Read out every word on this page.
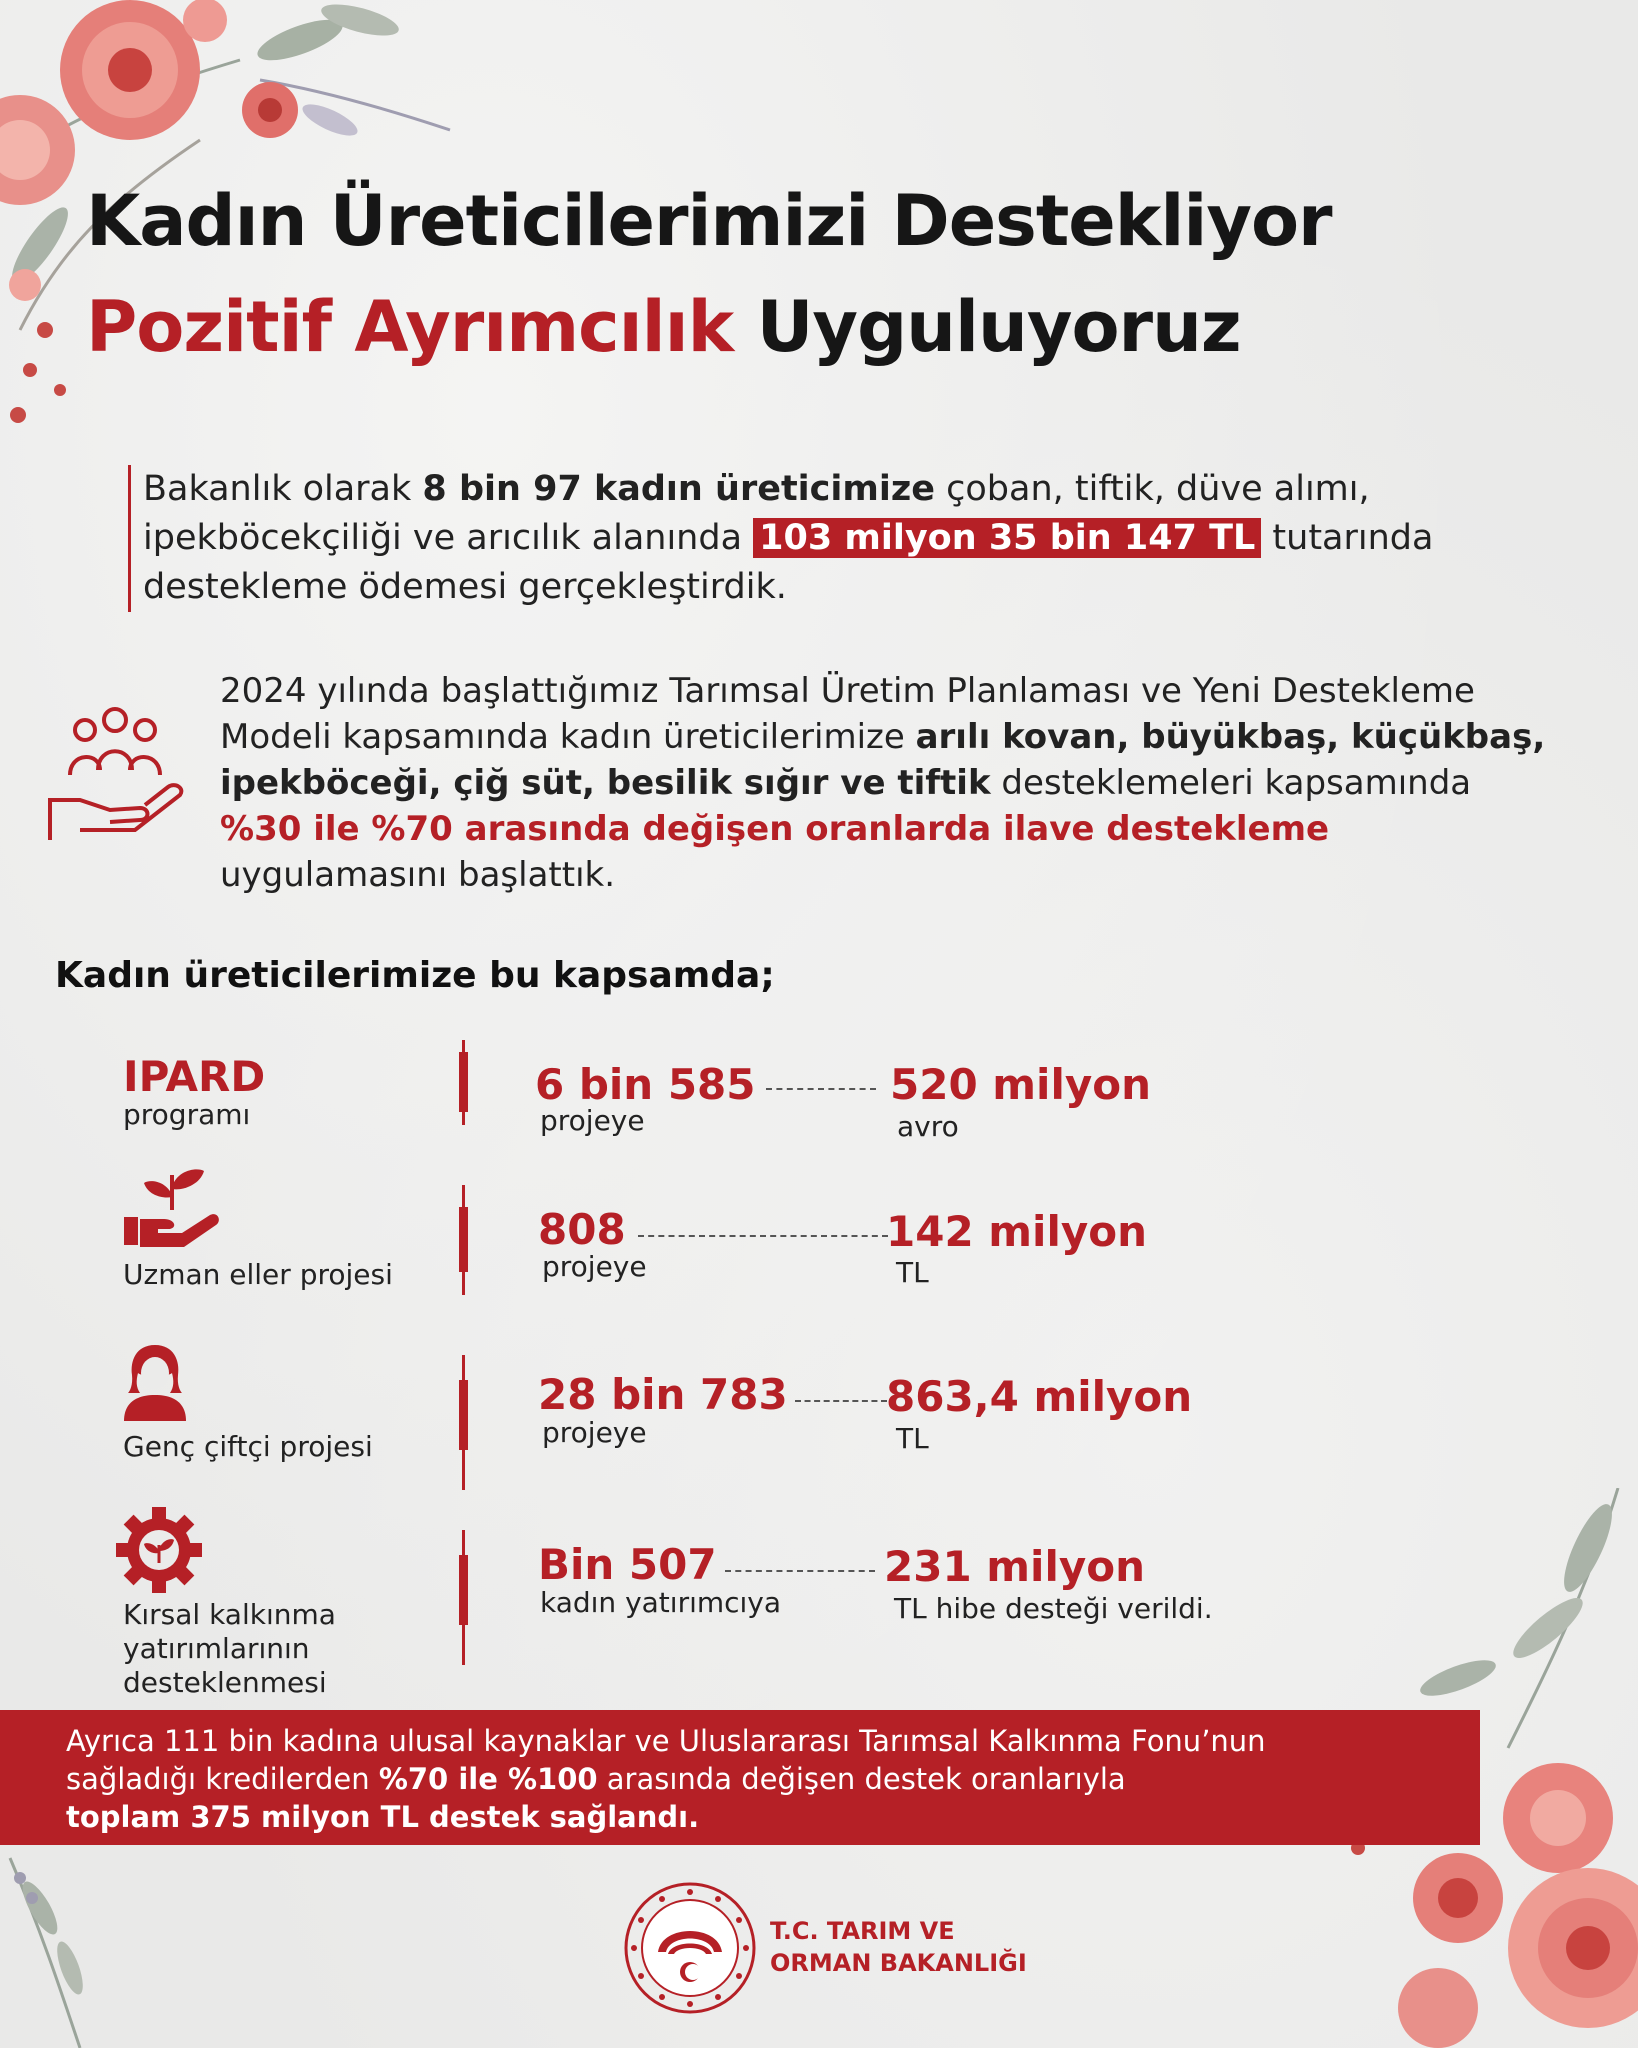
Kadın Üreticilerimizi Destekliyor
Pozitif Ayrımcılık Uyguluyoruz
Bakanlık olarak 8 bin 97 kadın üreticimize çoban, tiftik, düve alımı, ipekböcekçiliği ve arıcılık alanında 103 milyon 35 bin 147 TL tutarında destekleme ödemesi gerçekleştirdik.
2024 yılında başlattığımız Tarımsal Üretim Planlaması ve Yeni Destekleme Modeli kapsamında kadın üreticilerimize arılı kovan, büyükbaş, küçükbaş, ipekböceği, çiğ süt, besilik sığır ve tiftik desteklemeleri kapsamında %30 ile %70 arasında değişen oranlarda ilave destekleme uygulamasını başlattık.
Kadın üreticilerimize bu kapsamda;
IPARD
programı
6 bin 585
projeye
520 milyon
avro
Uzman eller projesi
808
projeye
142 milyon
TL
Genç çiftçi projesi
28 bin 783
projeye
863,4 milyon
TL
Kırsal kalkınma
yatırımlarının
desteklenmesi
Bin 507
kadın yatırımcıya
231 milyon
TL hibe desteği verildi.
Ayrıca 111 bin kadına ulusal kaynaklar ve Uluslararası Tarımsal Kalkınma Fonu’nun
sağladığı kredilerden %70 ile %100 arasında değişen destek oranlarıyla
toplam 375 milyon TL destek sağlandı.
T.C. TARIM VE
ORMAN BAKANLIĞI
